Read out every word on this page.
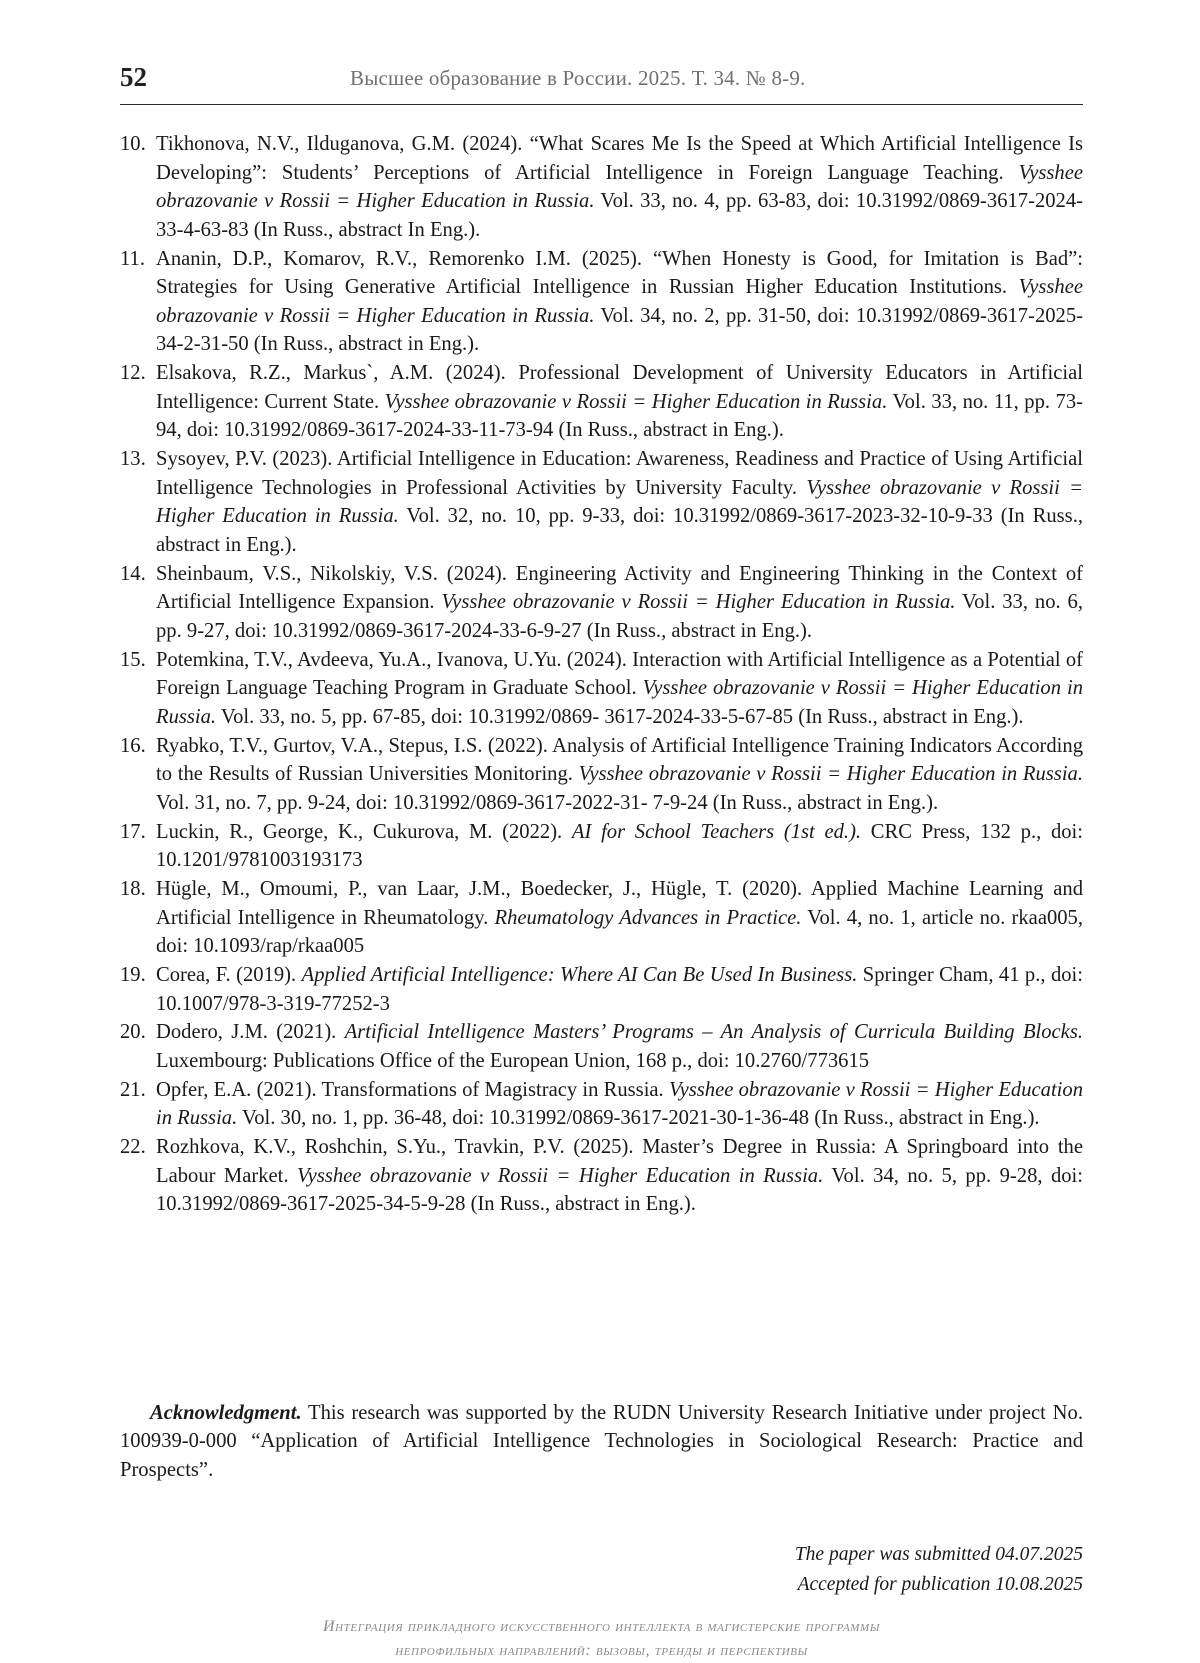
52	Высшее образование в России. 2025. Т. 34. № 8-9.
10. Tikhonova, N.V., Ilduganova, G.M. (2024). “What Scares Me Is the Speed at Which Artificial Intelligence Is Developing”: Students’ Perceptions of Artificial Intelligence in Foreign Language Teaching. Vysshee obrazovanie v Rossii = Higher Education in Russia. Vol. 33, no. 4, pp. 63-83, doi: 10.31992/0869-3617-2024-33-4-63-83 (In Russ., abstract In Eng.).
11. Ananin, D.P., Komarov, R.V., Remorenko I.M. (2025). “When Honesty is Good, for Imitation is Bad”: Strategies for Using Generative Artificial Intelligence in Russian Higher Education Institutions. Vysshee obrazovanie v Rossii = Higher Education in Russia. Vol. 34, no. 2, pp. 31-50, doi: 10.31992/0869-3617-2025-34-2-31-50 (In Russ., abstract in Eng.).
12. Elsakova, R.Z., Markus`, A.M. (2024). Professional Development of University Educators in Artificial Intelligence: Current State. Vysshee obrazovanie v Rossii = Higher Education in Russia. Vol. 33, no. 11, pp. 73-94, doi: 10.31992/0869-3617-2024-33-11-73-94 (In Russ., abstract in Eng.).
13. Sysoyev, P.V. (2023). Artificial Intelligence in Education: Awareness, Readiness and Practice of Using Artificial Intelligence Technologies in Professional Activities by University Faculty. Vysshee obrazovanie v Rossii = Higher Education in Russia. Vol. 32, no. 10, pp. 9-33, doi: 10.31992/0869-3617-2023-32-10-9-33 (In Russ., abstract in Eng.).
14. Sheinbaum, V.S., Nikolskiy, V.S. (2024). Engineering Activity and Engineering Thinking in the Context of Artificial Intelligence Expansion. Vysshee obrazovanie v Rossii = Higher Education in Russia. Vol. 33, no. 6, pp. 9-27, doi: 10.31992/0869-3617-2024-33-6-9-27 (In Russ., abstract in Eng.).
15. Potemkina, T.V., Avdeeva, Yu.A., Ivanova, U.Yu. (2024). Interaction with Artificial Intelligence as a Potential of Foreign Language Teaching Program in Graduate School. Vysshee obrazovanie v Rossii = Higher Education in Russia. Vol. 33, no. 5, pp. 67-85, doi: 10.31992/0869- 3617-2024-33-5-67-85 (In Russ., abstract in Eng.).
16. Ryabko, T.V., Gurtov, V.A., Stepus, I.S. (2022). Analysis of Artificial Intelligence Training Indicators According to the Results of Russian Universities Monitoring. Vysshee obrazovanie v Rossii = Higher Education in Russia. Vol. 31, no. 7, pp. 9-24, doi: 10.31992/0869-3617-2022-31- 7-9-24 (In Russ., abstract in Eng.).
17. Luckin, R., George, K., Cukurova, M. (2022). AI for School Teachers (1st ed.). CRC Press, 132 p., doi: 10.1201/9781003193173
18. Hügle, M., Omoumi, P., van Laar, J.M., Boedecker, J., Hügle, T. (2020). Applied Machine Learning and Artificial Intelligence in Rheumatology. Rheumatology Advances in Practice. Vol. 4, no. 1, article no. rkaa005, doi: 10.1093/rap/rkaa005
19. Corea, F. (2019). Applied Artificial Intelligence: Where AI Can Be Used In Business. Springer Cham, 41 p., doi: 10.1007/978-3-319-77252-3
20. Dodero, J.M. (2021). Artificial Intelligence Masters’ Programs – An Analysis of Curricula Building Blocks. Luxembourg: Publications Office of the European Union, 168 p., doi: 10.2760/773615
21. Opfer, E.A. (2021). Transformations of Magistracy in Russia. Vysshee obrazovanie v Rossii = Higher Education in Russia. Vol. 30, no. 1, pp. 36-48, doi: 10.31992/0869-3617-2021-30-1-36-48 (In Russ., abstract in Eng.).
22. Rozhkova, K.V., Roshchin, S.Yu., Travkin, P.V. (2025). Master’s Degree in Russia: A Springboard into the Labour Market. Vysshee obrazovanie v Rossii = Higher Education in Russia. Vol. 34, no. 5, pp. 9-28, doi: 10.31992/0869-3617-2025-34-5-9-28 (In Russ., abstract in Eng.).

Acknowledgment. This research was supported by the RUDN University Research Initiative under project No. 100939-0-000 “Application of Artificial Intelligence Technologies in Sociological Research: Practice and Prospects”.

The paper was submitted 04.07.2025
Accepted for publication 10.08.2025
Интеграция прикладного искусственного интеллекта в магистерские программы
непрофильных направлений: вызовы, тренды и перспективы
